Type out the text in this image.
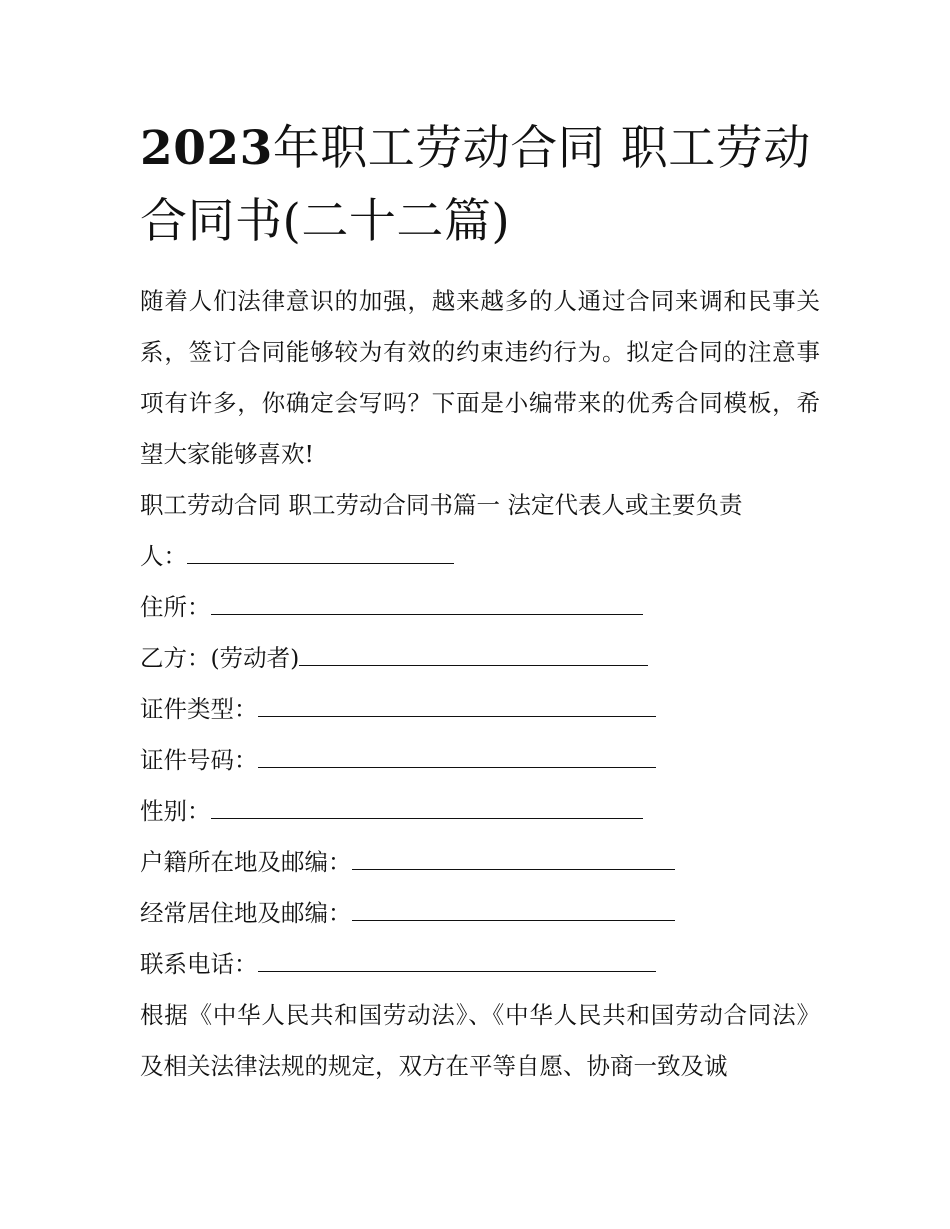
2023年职工劳动合同 职工劳动合同书(二十二篇)

随着人们法律意识的加强，越来越多的人通过合同来调和民事关系，签订合同能够较为有效的约束违约行为。拟定合同的注意事项有许多，你确定会写吗？下面是小编带来的优秀合同模板，希望大家能够喜欢!

职工劳动合同 职工劳动合同书篇一 法定代表人或主要负责

人：

住所：

乙方：(劳动者)

证件类型：

证件号码：

性别：

户籍所在地及邮编：

经常居住地及邮编：

联系电话：

根据《中华人民共和国劳动法》、《中华人民共和国劳动合同法》及相关法律法规的规定，双方在平等自愿、协商一致及诚
